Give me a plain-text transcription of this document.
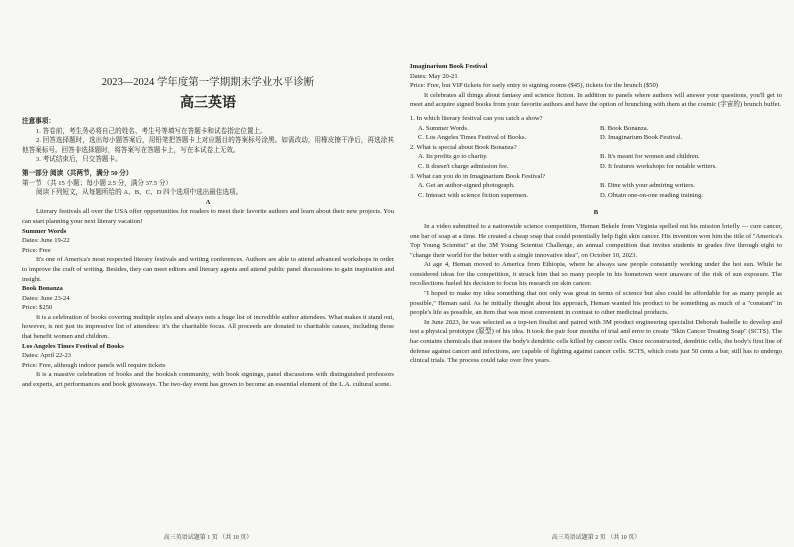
2023—2024 学年度第一学期期末学业水平诊断
高三英语

注意事项：

1. 答卷前，考生务必将自己的姓名、考生号等填写在答题卡和试卷指定位置上。

2. 回答选择题时，选出每小题答案后，用铅笔把答题卡上对应题目的答案标号涂黑。如需改动，用橡皮擦干净后，再选涂其他答案标号。回答非选择题时，将答案写在答题卡上，写在本试卷上无效。

3. 考试结束后，只交答题卡。

第一部分 阅读（共两节，满分 50 分）

第一节 （共 15 小题；每小题 2.5 分，满分 37.5 分）

阅读下列短文，从每题所给的 A、B、C、D 四个选项中选出最佳选项。

A

Literary festivals all over the USA offer opportunities for readers to meet their favorite authors and learn about their new projects. You can start planning your next literary vacation!

Summer Words

Dates: June 19-22

Price: Free

It's one of America's most respected literary festivals and writing conferences. Authors are able to attend advanced workshops in order to improve the craft of writing. Besides, they can meet editors and literary agents and attend public panel discussions to gain inspiration and insight.

Book Bonanza

Dates: June 23-24

Price: $250

It is a celebration of books covering multiple styles and always nets a huge list of incredible author attendees. What makes it stand out, however, is not just its impressive list of attendees: it's the charitable focus. All proceeds are donated to charitable causes, including those that benefit women and children.

Los Angeles Times Festival of Books

Dates: April 22-23

Price: Free, although indoor panels will require tickets

It is a massive celebration of books and the bookish community, with book signings, panel discussions with distinguished professors and experts, art performances and book giveaways. The two-day event has grown to become an essential element of the L.A. cultural scene.

高三英语试题第 1 页 （共 10 页）

Imaginarium Book Festival

Dates: May 20-21

Price: Free, but VIP tickets for early entry to signing rooms ($45), tickets for the brunch ($50)

It celebrates all things about fantasy and science fiction. In addition to panels where authors will answer your questions, you'll get to meet and acquire signed books from your favorite authors and have the option of brunching with them at the cosmic (宇宙的) brunch buffet.

1. In which literary festival can you catch a show?

A. Summer Words.	B. Book Bonanza.
C. Los Angeles Times Festival of Books.	D. Imaginarium Book Festival.

2. What is special about Book Bonanza?

A. Its profits go to charity.	B. It's meant for women and children.
C. It doesn't charge admission fee.	D. It features workshops for notable writers.

3. What can you do in Imaginarium Book Festival?

A. Get an author-signed photograph.	B. Dine with your admiring writers.
C. Interact with science fiction supermen.	D. Obtain one-on-one reading training.

B

In a video submitted to a nationwide science competition, Heman Bekele from Virginia spelled out his mission briefly — cure cancer, one bar of soap at a time. He created a cheap soap that could potentially help fight skin cancer. His invention won him the title of "America's Top Young Scientist" at the 3M Young Scientist Challenge, an annual competition that invites students in grades five through eight to "change their world for the better with a single innovative idea", on October 10, 2023.

At age 4, Heman moved to America from Ethiopia, where he always saw people constantly working under the hot sun. While he considered ideas for the competition, it struck him that so many people in his hometown were unaware of the risk of sun exposure. The recollections fueled his decision to focus his research on skin cancer.

"I hoped to make my idea something that not only was great in terms of science but also could be affordable for as many people as possible," Heman said. As he initially thought about his approach, Heman wanted his product to be something as much of a "constant" in people's life as possible, an item that was most convenient in contrast to other medicinal products.

In June 2023, he was selected as a top-ten finalist and paired with 3M product engineering specialist Deborah Isabelle to develop and test a physical prototype (原型) of his idea. It took the pair four months of trial and error to create "Skin Cancer Treating Soap" (SCTS). The bar contains chemicals that restore the body's dendritic cells killed by cancer cells. Once reconstructed, dendritic cells, the body's first line of defense against cancer and infections, are capable of fighting against cancer cells. SCTS, which costs just 50 cents a bar, still has to undergo clinical trials. The process could take over five years.

高三英语试题第 2 页 （共 10 页）
